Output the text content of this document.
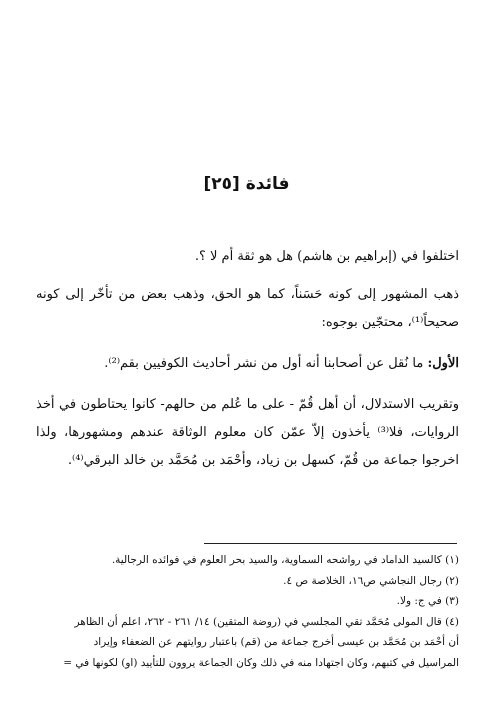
فائدة [٢٥]

اختلفوا في (إبراهيم بن هاشم) هل هو ثقة أم لا ؟.

ذهب المشهور إلى كونه حَسَناً، كما هو الحق، وذهب بعض من تأخّر إلى كونه صحيحاً⁽¹⁾، محتجّين بوجوه:

الأول: ما نُقل عن أصحابنا أنه أول من نشر أحاديث الكوفيين بقم⁽²⁾.

وتقريب الاستدلال، أن أهل قُمّ - على ما عُلم من حالهم- كانوا يحتاطون في أخذ الروايات، فلا⁽³⁾ يأخذون إلاّ عمّن كان معلوم الوثاقة عندهم ومشهورها، ولذا اخرجوا جماعة من قُمّ، كسهل بن زياد، وأحْمَد بن مُحَمَّد بن خالد البرقي⁽⁴⁾.

(١) كالسيد الداماد في رواشحه السماوية، والسيد بحر العلوم في فوائده الرجالية.
(٢) رجال النجاشي ص١٦، الخلاصة ص ٤.
(٣) في ج: ولا.
(٤) قال المولى مُحَمَّد تقي المجلسي في (روضة المتقين) ١٤/ ٢٦١ - ٢٦٢، اعلم أن الظاهر
أن أحْمَد بن مُحَمَّد بن عيسى أخرج جماعة من (قم) باعتبار روايتهم عن الضعفاء وإيراد
المراسيل في كتبهم، وكان اجتهادا منه في ذلك وكان الجماعة يروون للتأييد (او) لكونها في =
